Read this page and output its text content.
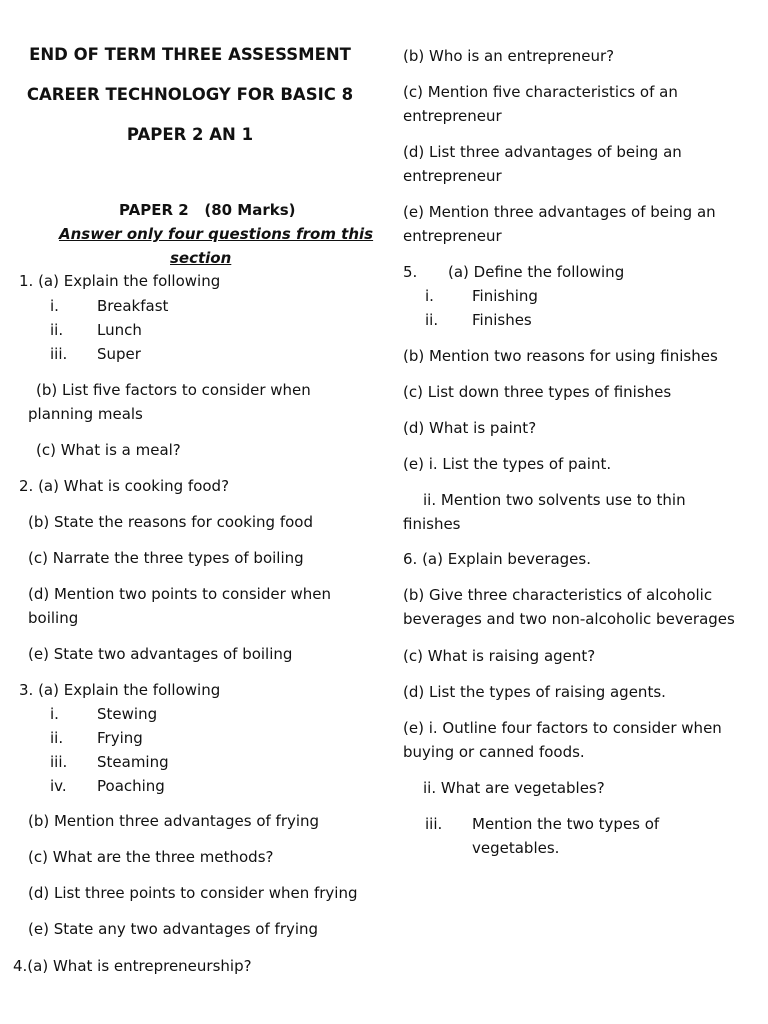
END OF TERM THREE ASSESSMENT
CAREER TECHNOLOGY FOR BASIC 8
PAPER 2 AN 1
PAPER 2 (80 Marks)
Answer only four questions from this
section
1. (a) Explain the following
i.	Breakfast
ii. Lunch
iii. Super
(b) List five factors to consider when
planning meals
(c) What is a meal?
2. (a) What is cooking food?
(b) State the reasons for cooking food
(c) Narrate the three types of boiling
(d) Mention two points to consider when
boiling
(e) State two advantages of boiling
3. (a) Explain the following
i.	Stewing
ii. Frying
iii. Steaming
iv. Poaching
(b) Mention three advantages of frying
(c) What are the three methods?
(d) List three points to consider when frying
(e) State any two advantages of frying
4.(a) What is entrepreneurship?
(b) Who is an entrepreneur?
(c) Mention five characteristics of an
entrepreneur
(d) List three advantages of being an
entrepreneur
(e) Mention three advantages of being an
entrepreneur
5. (a) Define the following
i.	Finishing
ii. Finishes
(b) Mention two reasons for using finishes
(c) List down three types of finishes
(d) What is paint?
(e) i. List the types of paint.
ii. Mention two solvents use to thin
finishes
6. (a) Explain beverages.
(b) Give three characteristics of alcoholic
beverages and two non-alcoholic beverages
(c) What is raising agent?
(d) List the types of raising agents.
(e) i. Outline four factors to consider when
buying or canned foods.
ii. What are vegetables?
iii. Mention the two types of
vegetables.
